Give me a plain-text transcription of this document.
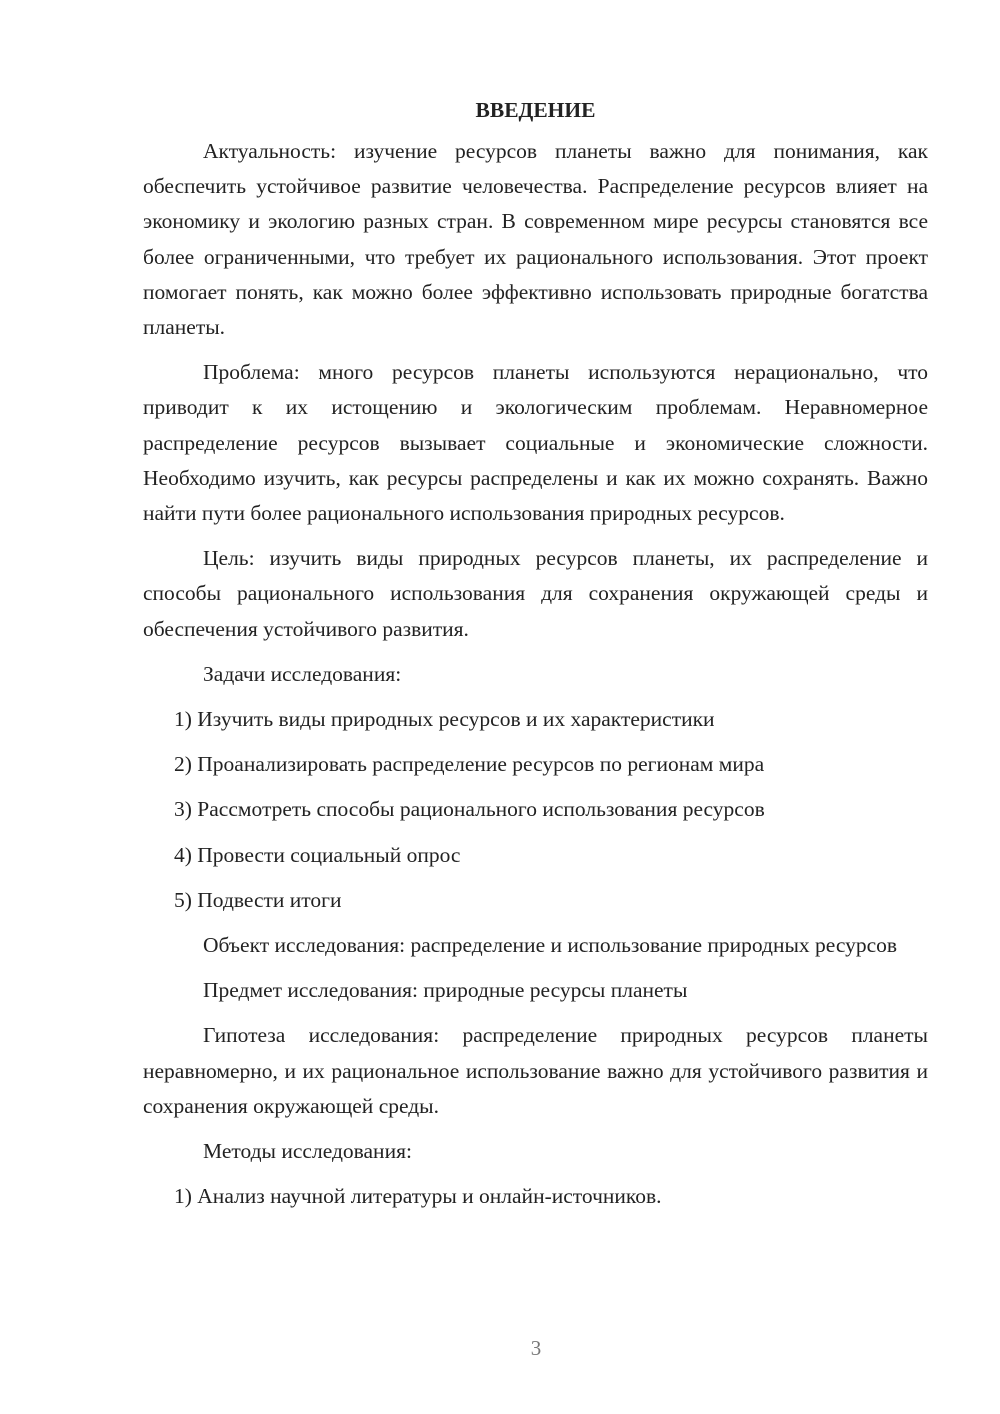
ВВЕДЕНИЕ

Актуальность: изучение ресурсов планеты важно для понимания, как обеспечить устойчивое развитие человечества. Распределение ресурсов влияет на экономику и экологию разных стран. В современном мире ресурсы становятся все более ограниченными, что требует их рационального использования. Этот проект помогает понять, как можно более эффективно использовать природные богатства планеты.

Проблема: много ресурсов планеты используются нерационально, что приводит к их истощению и экологическим проблемам. Неравномерное распределение ресурсов вызывает социальные и экономические сложности. Необходимо изучить, как ресурсы распределены и как их можно сохранять. Важно найти пути более рационального использования природных ресурсов.

Цель: изучить виды природных ресурсов планеты, их распределение и способы рационального использования для сохранения окружающей среды и обеспечения устойчивого развития.

Задачи исследования:

1) Изучить виды природных ресурсов и их характеристики
2) Проанализировать распределение ресурсов по регионам мира
3) Рассмотреть способы рационального использования ресурсов
4) Провести социальный опрос
5) Подвести итоги

Объект исследования: распределение и использование природных ресурсов

Предмет исследования: природные ресурсы планеты

Гипотеза исследования: распределение природных ресурсов планеты неравномерно, и их рациональное использование важно для устойчивого развития и сохранения окружающей среды.

Методы исследования:

1) Анализ научной литературы и онлайн-источников.
3
